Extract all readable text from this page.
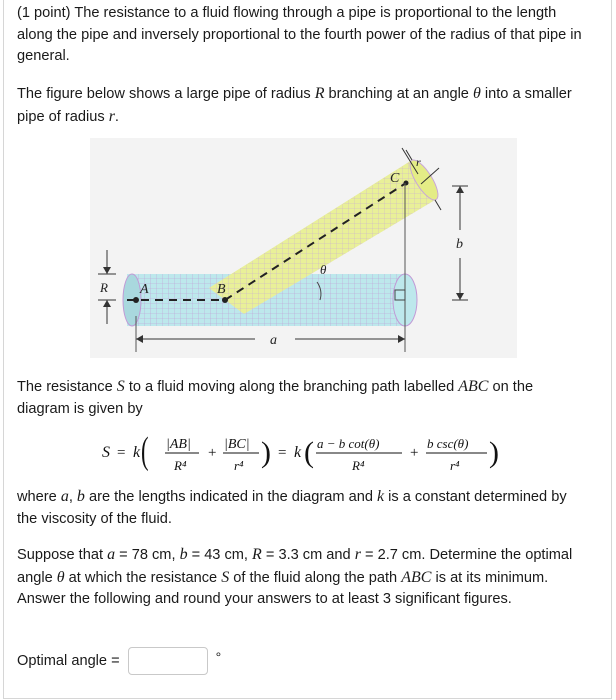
(1 point) The resistance to a fluid flowing through a pipe is proportional to the length along the pipe and inversely proportional to the fourth power of the radius of that pipe in general.

The figure below shows a large pipe of radius R branching at an angle θ into a smaller pipe of radius r.

A	B
C
r
R
θ
a
b

The resistance S to a fluid moving along the branching path labelled ABC on the diagram is given by

S = k ( |AB|
R⁴
+
|BC|
r⁴ ) = k ( a − b cot(θ)
R⁴
+
b csc(θ)
r⁴ )

where a, b are the lengths indicated in the diagram and k is a constant determined by the viscosity of the fluid.

Suppose that a = 78 cm, b = 43 cm, R = 3.3 cm and r = 2.7 cm. Determine the optimal angle θ at which the resistance S of the fluid along the path ABC is at its minimum. Answer the following and round your answers to at least 3 significant figures.

Optimal angle =	°
